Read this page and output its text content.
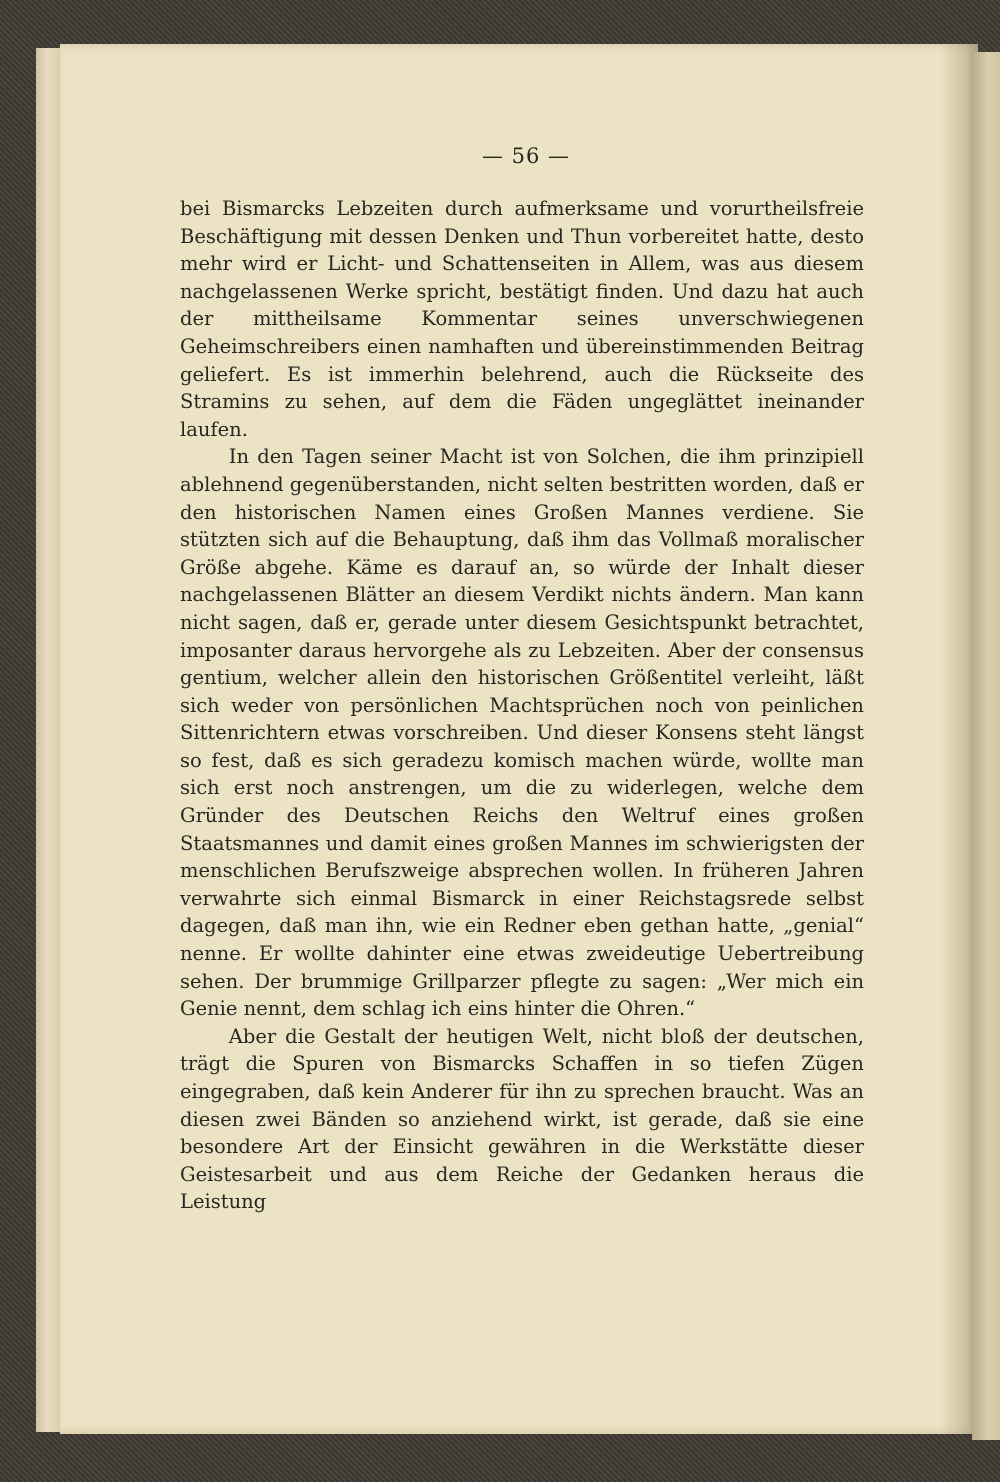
— 56 —

bei Bismarcks Lebzeiten durch aufmerksame und vorurtheilsfreie Beschäftigung mit dessen Denken und Thun vorbereitet hatte, desto mehr wird er Licht- und Schattenseiten in Allem, was aus diesem nachgelassenen Werke spricht, bestätigt finden. Und dazu hat auch der mittheilsame Kommentar seines unverschwiegenen Geheimschreibers einen namhaften und übereinstimmenden Beitrag geliefert. Es ist immerhin belehrend, auch die Rückseite des Stramins zu sehen, auf dem die Fäden ungeglättet ineinander laufen.

In den Tagen seiner Macht ist von Solchen, die ihm prinzipiell ablehnend gegenüberstanden, nicht selten bestritten worden, daß er den historischen Namen eines Großen Mannes verdiene. Sie stützten sich auf die Behauptung, daß ihm das Vollmaß moralischer Größe abgehe. Käme es darauf an, so würde der Inhalt dieser nachgelassenen Blätter an diesem Verdikt nichts ändern. Man kann nicht sagen, daß er, gerade unter diesem Gesichtspunkt betrachtet, imposanter daraus hervorgehe als zu Lebzeiten. Aber der consensus gentium, welcher allein den historischen Größentitel verleiht, läßt sich weder von persönlichen Machtsprüchen noch von peinlichen Sittenrichtern etwas vorschreiben. Und dieser Konsens steht längst so fest, daß es sich geradezu komisch machen würde, wollte man sich erst noch anstrengen, um die zu widerlegen, welche dem Gründer des Deutschen Reichs den Weltruf eines großen Staatsmannes und damit eines großen Mannes im schwierigsten der menschlichen Berufszweige absprechen wollen. In früheren Jahren verwahrte sich einmal Bismarck in einer Reichstagsrede selbst dagegen, daß man ihn, wie ein Redner eben gethan hatte, „genial“ nenne. Er wollte dahinter eine etwas zweideutige Uebertreibung sehen. Der brummige Grillparzer pflegte zu sagen: „Wer mich ein Genie nennt, dem schlag ich eins hinter die Ohren.“

Aber die Gestalt der heutigen Welt, nicht bloß der deutschen, trägt die Spuren von Bismarcks Schaffen in so tiefen Zügen eingegraben, daß kein Anderer für ihn zu sprechen braucht. Was an diesen zwei Bänden so anziehend wirkt, ist gerade, daß sie eine besondere Art der Einsicht gewähren in die Werkstätte dieser Geistesarbeit und aus dem Reiche der Gedanken heraus die Leistung
